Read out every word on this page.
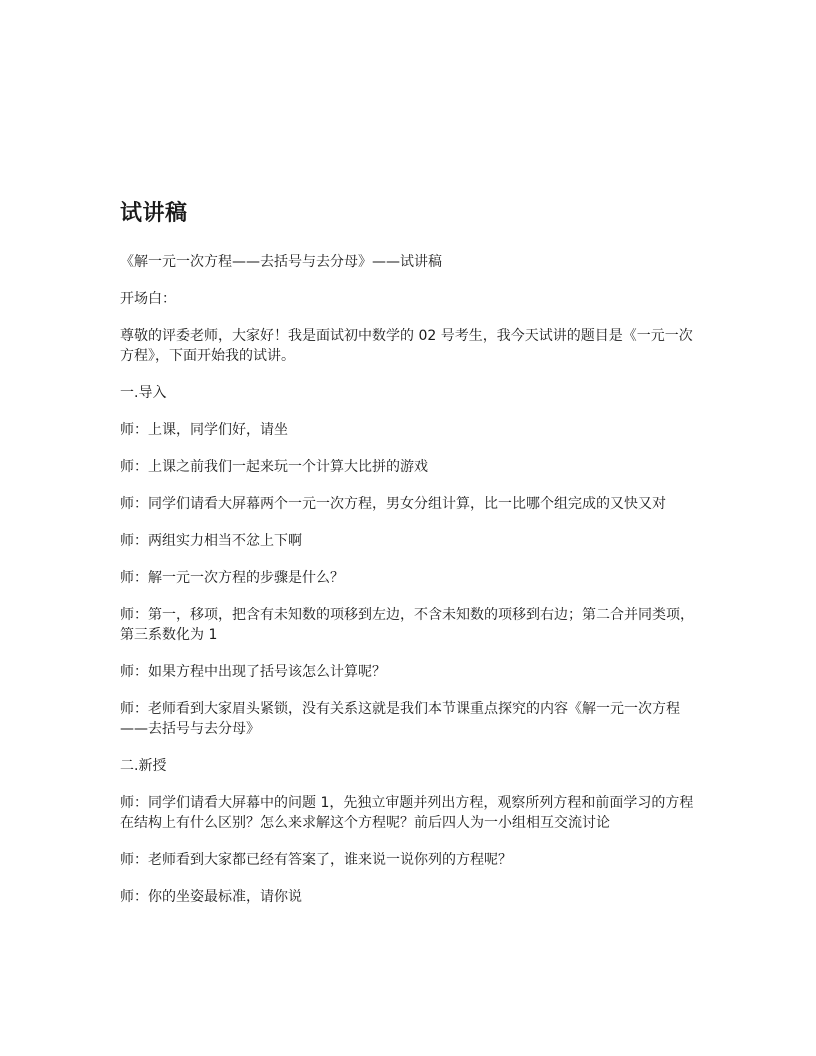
试讲稿

《解一元一次方程——去括号与去分母》——试讲稿

开场白：

尊敬的评委老师，大家好！我是面试初中数学的 02 号考生，我今天试讲的题目是《一元一次方程》，下面开始我的试讲。

一.导入

师：上课，同学们好，请坐

师：上课之前我们一起来玩一个计算大比拼的游戏

师：同学们请看大屏幕两个一元一次方程，男女分组计算，比一比哪个组完成的又快又对

师：两组实力相当不忿上下啊

师：解一元一次方程的步骤是什么？

师：第一，移项，把含有未知数的项移到左边，不含未知数的项移到右边；第二合并同类项，第三系数化为 1

师：如果方程中出现了括号该怎么计算呢？

师：老师看到大家眉头紧锁，没有关系这就是我们本节课重点探究的内容《解一元一次方程——去括号与去分母》

二.新授

师：同学们请看大屏幕中的问题 1，先独立审题并列出方程，观察所列方程和前面学习的方程在结构上有什么区别？怎么来求解这个方程呢？前后四人为一小组相互交流讨论

师：老师看到大家都已经有答案了，谁来说一说你列的方程呢？

师：你的坐姿最标准，请你说
